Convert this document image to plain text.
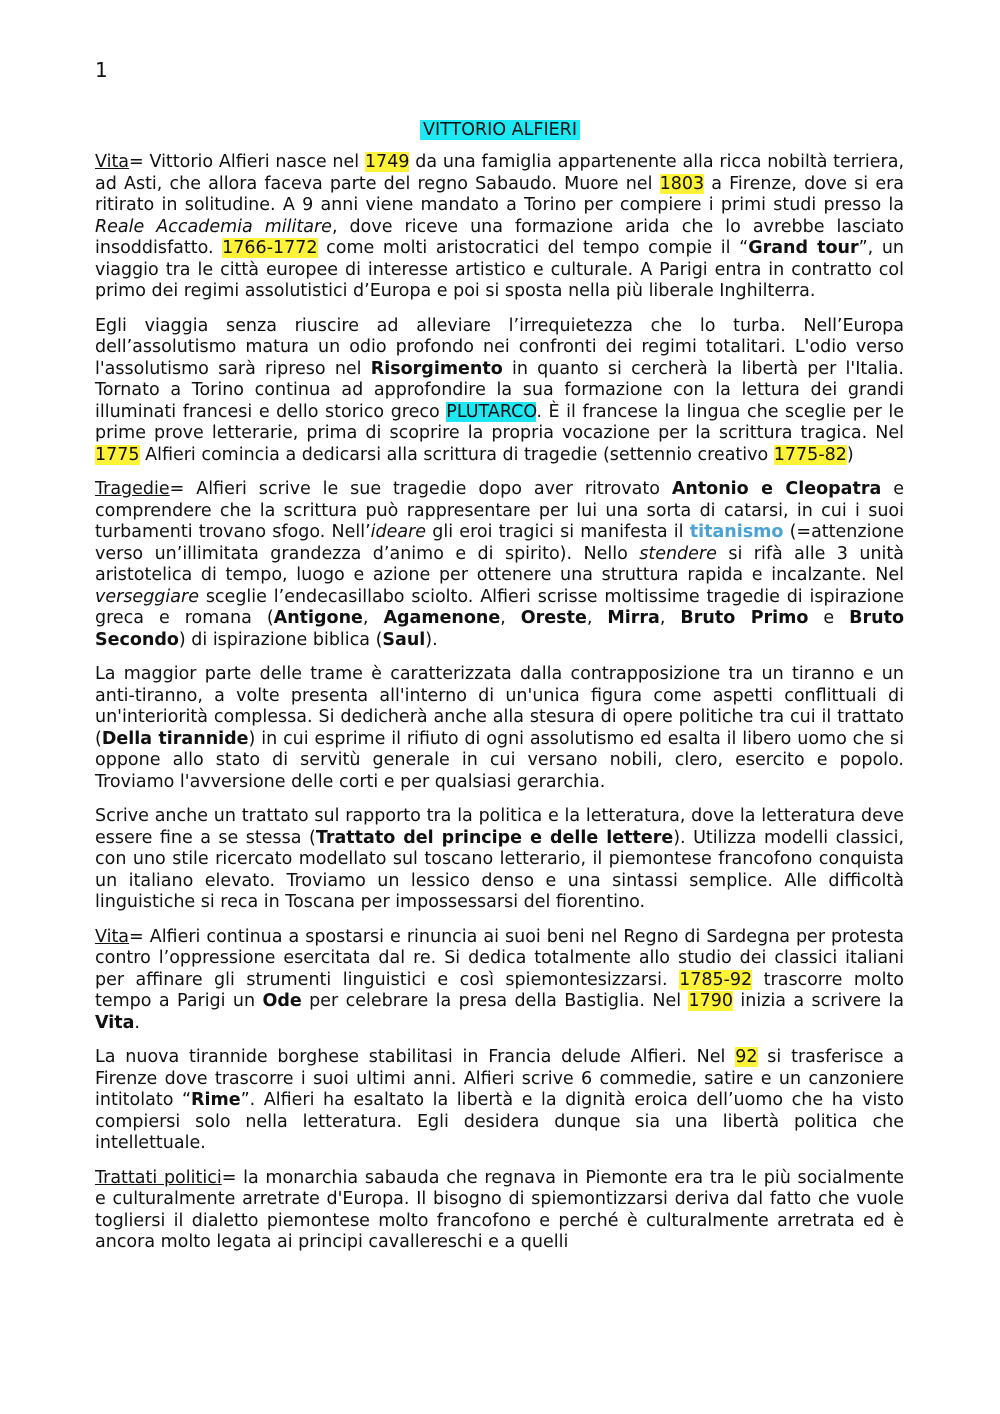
1
VITTORIO ALFIERI

Vita= Vittorio Alfieri nasce nel 1749 da una famiglia appartenente alla ricca nobiltà terriera, ad Asti, che allora faceva parte del regno Sabaudo. Muore nel 1803 a Firenze, dove si era ritirato in solitudine. A 9 anni viene mandato a Torino per compiere i primi studi presso la Reale Accademia militare, dove riceve una formazione arida che lo avrebbe lasciato insoddisfatto. 1766-1772 come molti aristocratici del tempo compie il “Grand tour”, un viaggio tra le città europee di interesse artistico e culturale. A Parigi entra in contratto col primo dei regimi assolutistici d’Europa e poi si sposta nella più liberale Inghilterra.

Egli viaggia senza riuscire ad alleviare l’irrequietezza che lo turba. Nell’Europa dell’assolutismo matura un odio profondo nei confronti dei regimi totalitari. L'odio verso l'assolutismo sarà ripreso nel Risorgimento in quanto si cercherà la libertà per l'Italia. Tornato a Torino continua ad approfondire la sua formazione con la lettura dei grandi illuminati francesi e dello storico greco PLUTARCO. È il francese la lingua che sceglie per le prime prove letterarie, prima di scoprire la propria vocazione per la scrittura tragica. Nel 1775 Alfieri comincia a dedicarsi alla scrittura di tragedie (settennio creativo 1775-82)

Tragedie= Alfieri scrive le sue tragedie dopo aver ritrovato Antonio e Cleopatra e comprendere che la scrittura può rappresentare per lui una sorta di catarsi, in cui i suoi turbamenti trovano sfogo. Nell’ideare gli eroi tragici si manifesta il titanismo (=attenzione verso un’illimitata grandezza d’animo e di spirito). Nello stendere si rifà alle 3 unità aristotelica di tempo, luogo e azione per ottenere una struttura rapida e incalzante. Nel verseggiare sceglie l’endecasillabo sciolto. Alfieri scrisse moltissime tragedie di ispirazione greca e romana (Antigone, Agamenone, Oreste, Mirra, Bruto Primo e Bruto Secondo) di ispirazione biblica (Saul).

La maggior parte delle trame è caratterizzata dalla contrapposizione tra un tiranno e un anti-tiranno, a volte presenta all'interno di un'unica figura come aspetti conflittuali di un'interiorità complessa. Si dedicherà anche alla stesura di opere politiche tra cui il trattato (Della tirannide) in cui esprime il rifiuto di ogni assolutismo ed esalta il libero uomo che si oppone allo stato di servitù generale in cui versano nobili, clero, esercito e popolo. Troviamo l'avversione delle corti e per qualsiasi gerarchia.

Scrive anche un trattato sul rapporto tra la politica e la letteratura, dove la letteratura deve essere fine a se stessa (Trattato del principe e delle lettere). Utilizza modelli classici, con uno stile ricercato modellato sul toscano letterario, il piemontese francofono conquista un italiano elevato. Troviamo un lessico denso e una sintassi semplice. Alle difficoltà linguistiche si reca in Toscana per impossessarsi del fiorentino.

Vita= Alfieri continua a spostarsi e rinuncia ai suoi beni nel Regno di Sardegna per protesta contro l’oppressione esercitata dal re. Si dedica totalmente allo studio dei classici italiani per affinare gli strumenti linguistici e così spiemontesizzarsi. 1785-92 trascorre molto tempo a Parigi un Ode per celebrare la presa della Bastiglia. Nel 1790 inizia a scrivere la Vita.

La nuova tirannide borghese stabilitasi in Francia delude Alfieri. Nel 92 si trasferisce a Firenze dove trascorre i suoi ultimi anni. Alfieri scrive 6 commedie, satire e un canzoniere intitolato “Rime”. Alfieri ha esaltato la libertà e la dignità eroica dell’uomo che ha visto compiersi solo nella letteratura. Egli desidera dunque sia una libertà politica che intellettuale.

Trattati politici= la monarchia sabauda che regnava in Piemonte era tra le più socialmente e culturalmente arretrate d'Europa. Il bisogno di spiemontizzarsi deriva dal fatto che vuole togliersi il dialetto piemontese molto francofono e perché è culturalmente arretrata ed è ancora molto legata ai principi cavallereschi e a quelli
